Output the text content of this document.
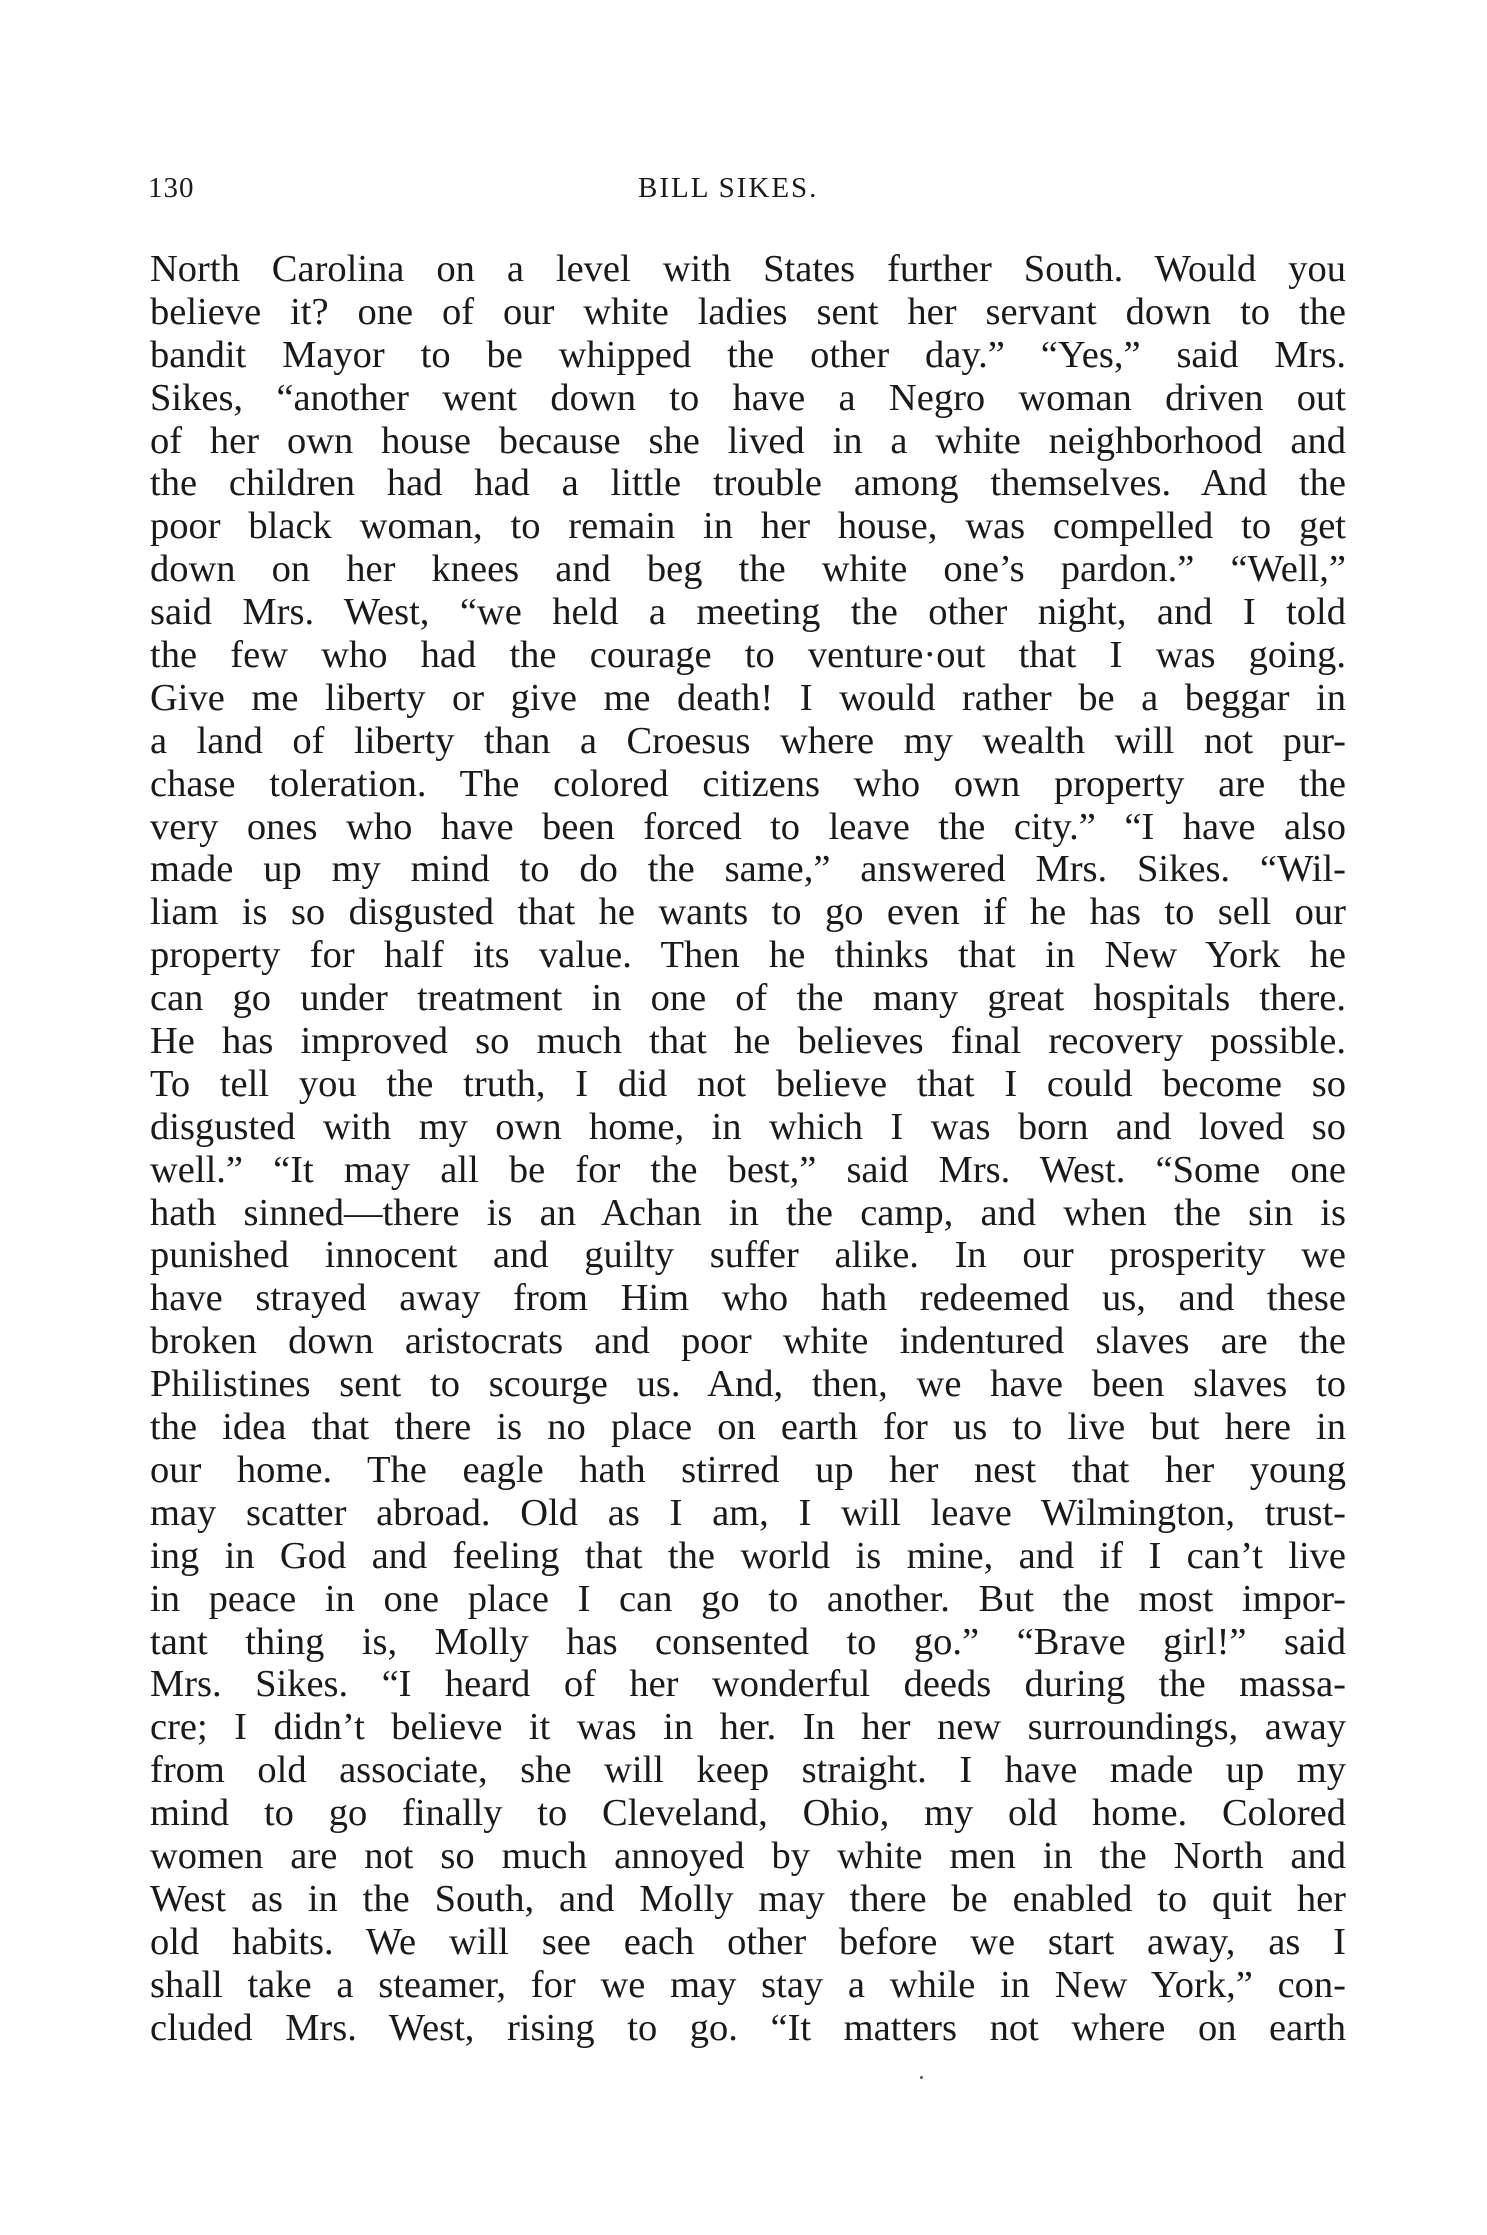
130	BILL SIKES.
North Carolina on a level with States further South. Would you
believe it? one of our white ladies sent her servant down to the
bandit Mayor to be whipped the other day.” “Yes,” said Mrs.
Sikes, “another went down to have a Negro woman driven out
of her own house because she lived in a white neighborhood and
the children had had a little trouble among themselves. And the
poor black woman, to remain in her house, was compelled to get
down on her knees and beg the white one’s pardon.” “Well,”
said Mrs. West, “we held a meeting the other night, and I told
the few who had the courage to venture·out that I was going.
Give me liberty or give me death! I would rather be a beggar in
a land of liberty than a Croesus where my wealth will not pur-
chase toleration. The colored citizens who own property are the
very ones who have been forced to leave the city.” “I have also
made up my mind to do the same,” answered Mrs. Sikes. “Wil-
liam is so disgusted that he wants to go even if he has to sell our
property for half its value. Then he thinks that in New York he
can go under treatment in one of the many great hospitals there.
He has improved so much that he believes final recovery possible.
To tell you the truth, I did not believe that I could become so
disgusted with my own home, in which I was born and loved so
well.” “It may all be for the best,” said Mrs. West. “Some one
hath sinned—there is an Achan in the camp, and when the sin is
punished innocent and guilty suffer alike. In our prosperity we
have strayed away from Him who hath redeemed us, and these
broken down aristocrats and poor white indentured slaves are the
Philistines sent to scourge us. And, then, we have been slaves to
the idea that there is no place on earth for us to live but here in
our home. The eagle hath stirred up her nest that her young
may scatter abroad. Old as I am, I will leave Wilmington, trust-
ing in God and feeling that the world is mine, and if I can’t live
in peace in one place I can go to another. But the most impor-
tant thing is, Molly has consented to go.” “Brave girl!” said
Mrs. Sikes. “I heard of her wonderful deeds during the massa-
cre; I didn’t believe it was in her. In her new surroundings, away
from old associate, she will keep straight. I have made up my
mind to go finally to Cleveland, Ohio, my old home. Colored
women are not so much annoyed by white men in the North and
West as in the South, and Molly may there be enabled to quit her
old habits. We will see each other before we start away, as I
shall take a steamer, for we may stay a while in New York,” con-
cluded Mrs. West, rising to go. “It matters not where on earth
